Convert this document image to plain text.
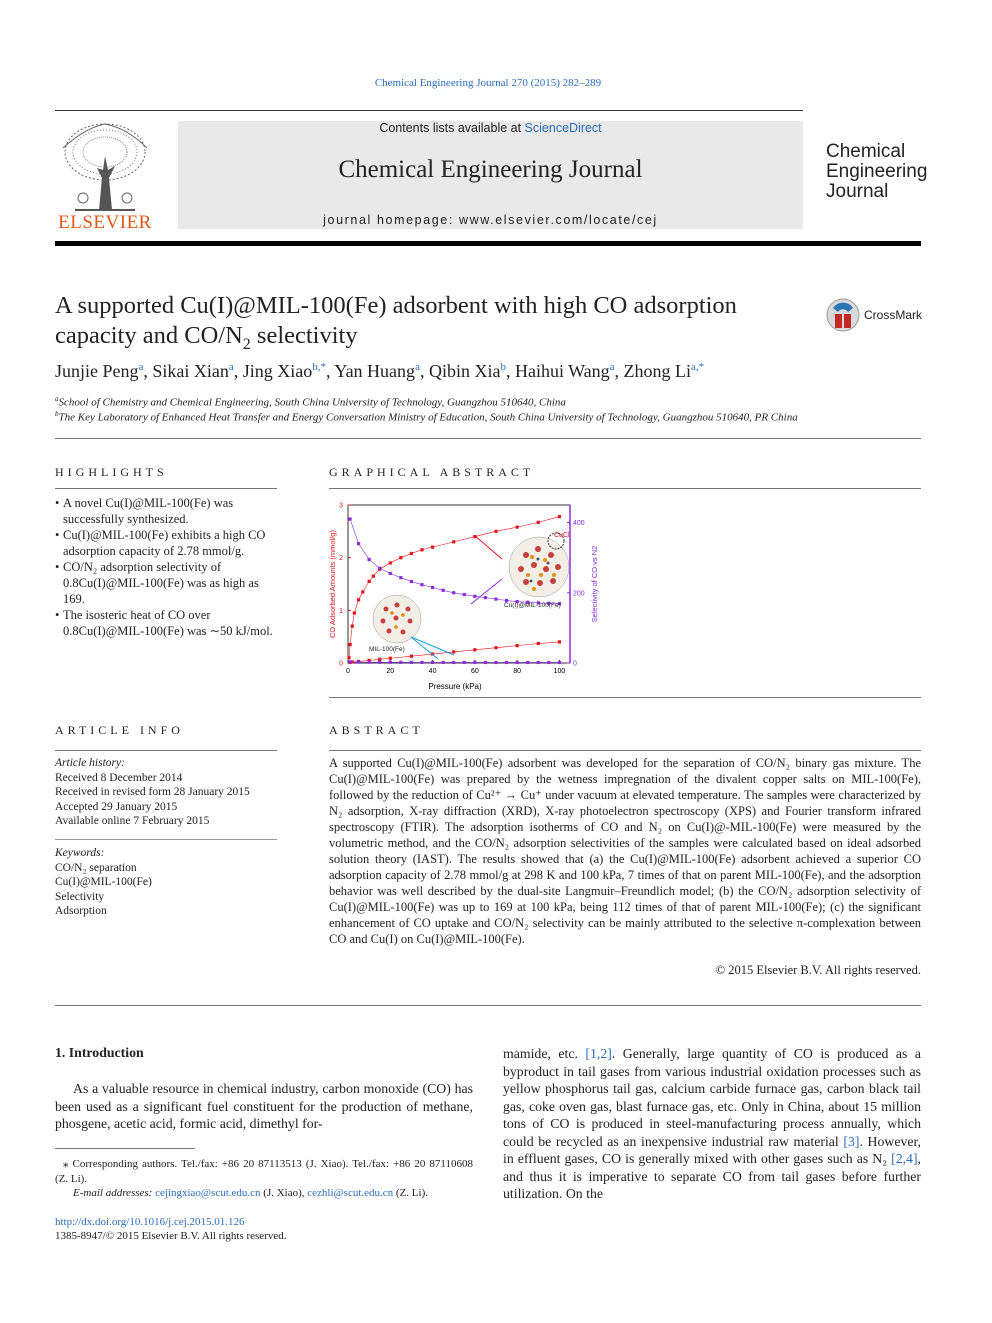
Chemical Engineering Journal 270 (2015) 282–289
ELSEVIER
Contents lists available at ScienceDirect
Chemical Engineering Journal
journal homepage: www.elsevier.com/locate/cej
Chemical
Engineering
Journal
A supported Cu(I)@MIL-100(Fe) adsorbent with high CO adsorption
capacity and $CO/N_2$ selectivity
CrossMark
Junjie Peng$^a$, Sikai Xian$^a$, Jing Xiao$^{b,*}$, Yan Huang$^a$, Qibin Xia$^b$, Haihui Wang$^a$, Zhong $Li^{a,*}$
$^a$School of Chemistry and Chemical Engineering, South China University of Technology, Guangzhou 510640, China
$^b$The Key Laboratory of Enhanced Heat Transfer and Energy Conversation Ministry of Education, South China University of Technology, Guangzhou 510640, PR China
HIGHLIGHTS
• A novel Cu(I)@MIL-100(Fe) was successfully synthesized.
• Cu(I)@MIL-100(Fe) exhibits a high CO adsorption capacity of 2.78 mmol/g.
• CO/N₂ adsorption selectivity of 0.8Cu(I)@MIL-100(Fe) was as high as 169.
• The isosteric heat of CO over 0.8Cu(I)@MIL-100(Fe) was ∼50 kJ/mol.
GRAPHICAL ABSTRACT
0	20	40	60	80	100
0
1
2
3
0
200
400
CuCl
Cu(I)@MIL-100(Fe)
MIL-100(Fe)
Pressure (kPa)
CO Adsorbed Amounts (mmol/g)	Selectivity of CO vs N2
ARTICLE INFO
Article history:
Received 8 December 2014
Received in revised form 28 January 2015
Accepted 29 January 2015
Available online 7 February 2015
Keywords:
CO/N₂ separation
Cu(I)@MIL-100(Fe)
Selectivity
Adsorption
ABSTRACT
A supported Cu(I)@MIL-100(Fe) adsorbent was developed for the separation of CO/N₂ binary gas mixture. The Cu(I)@MIL-100(Fe) was prepared by the wetness impregnation of the divalent copper salts on MIL-100(Fe), followed by the reduction of Cu²⁺ → Cu⁺ under vacuum at elevated temperature. The samples were characterized by N₂ adsorption, X-ray diffraction (XRD), X-ray photoelectron spectroscopy (XPS) and Fourier transform infrared spectroscopy (FTIR). The adsorption isotherms of CO and N₂ on Cu(I)@-MIL-100(Fe) were measured by the volumetric method, and the CO/N₂ adsorption selectivities of the samples were calculated based on ideal adsorbed solution theory (IAST). The results showed that (a) the Cu(I)@MIL-100(Fe) adsorbent achieved a superior CO adsorption capacity of 2.78 mmol/g at 298 K and 100 kPa, 7 times of that on parent MIL-100(Fe), and the adsorption behavior was well described by the dual-site Langmuir–Freundlich model; (b) the CO/N₂ adsorption selectivity of Cu(I)@MIL-100(Fe) was up to 169 at 100 kPa, being 112 times of that of parent MIL-100(Fe); (c) the significant enhancement of CO uptake and CO/N₂ selectivity can be mainly attributed to the selective π-complexation between CO and Cu(I) on Cu(I)@MIL-100(Fe).
© 2015 Elsevier B.V. All rights reserved.
1. Introduction
As a valuable resource in chemical industry, carbon monoxide (CO) has been used as a significant fuel constituent for the production of methane, phosgene, acetic acid, formic acid, dimethyl for-
mamide, etc. [1,2]. Generally, large quantity of CO is produced as a byproduct in tail gases from various industrial oxidation processes such as yellow phosphorus tail gas, calcium carbide furnace gas, carbon black tail gas, coke oven gas, blast furnace gas, etc. Only in China, about 15 million tons of CO is produced in steel-manufacturing process annually, which could be recycled as an inexpensive industrial raw material [3]. However, in effluent gases, CO is generally mixed with other gases such as N₂ [2,4], and thus it is imperative to separate CO from tail gases before further utilization. On the
⁎ Corresponding authors. Tel./fax: +86 20 87113513 (J. Xiao). Tel./fax: +86 20 87110608 (Z. Li).
E-mail addresses: cejingxiao@scut.edu.cn (J. Xiao), cezhli@scut.edu.cn (Z. Li).
http://dx.doi.org/10.1016/j.cej.2015.01.126
1385-8947/© 2015 Elsevier B.V. All rights reserved.
